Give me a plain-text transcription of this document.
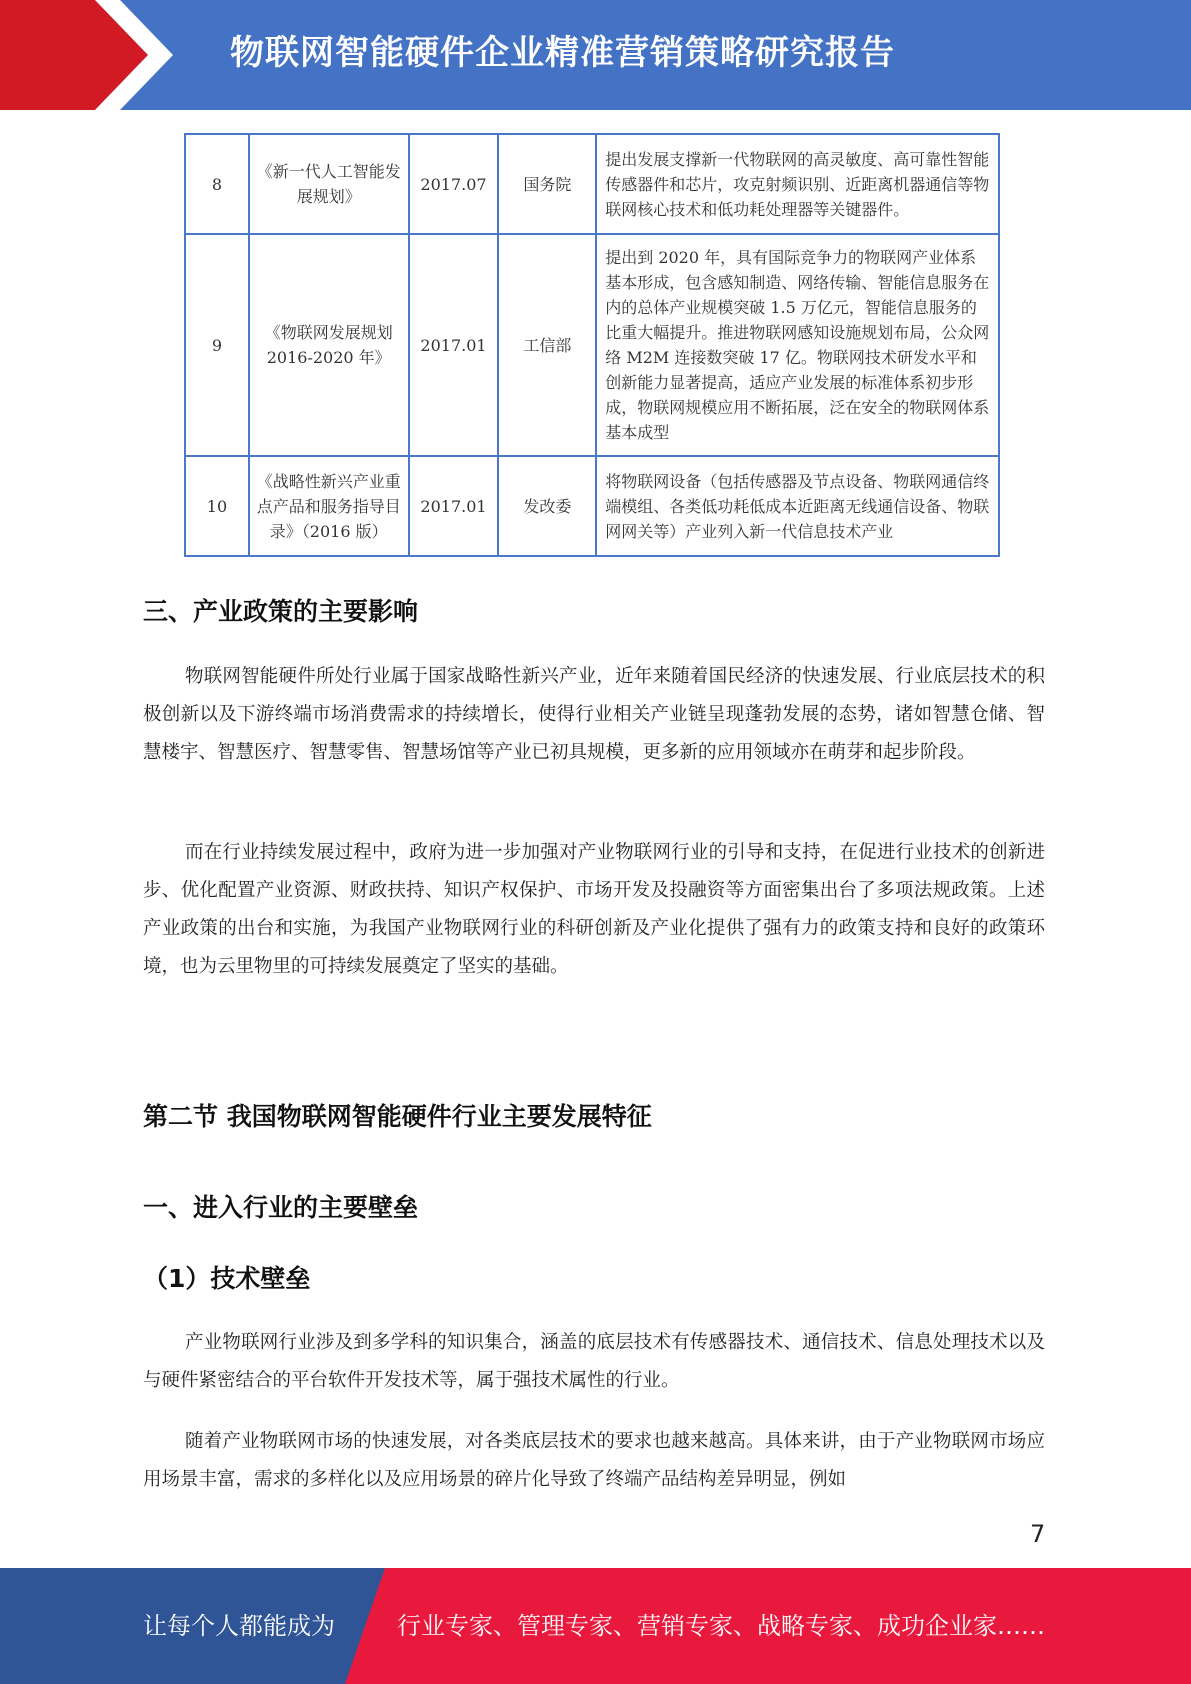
物联网智能硬件企业精准营销策略研究报告
8	《新一代人工智能发展规划》	2017.07	国务院	提出发展支撑新一代物联网的高灵敏度、高可靠性智能传感器件和芯片，攻克射频识别、近距离机器通信等物联网核心技术和低功耗处理器等关键器件。
9	《物联网发展规划 2016-2020 年》	2017.01	工信部	提出到 2020 年，具有国际竞争力的物联网产业体系基本形成，包含感知制造、网络传输、智能信息服务在内的总体产业规模突破 1.5 万亿元，智能信息服务的比重大幅提升。推进物联网感知设施规划布局，公众网络 M2M 连接数突破 17 亿。物联网技术研发水平和创新能力显著提高，适应产业发展的标准体系初步形成，物联网规模应用不断拓展，泛在安全的物联网体系基本成型
10	《战略性新兴产业重点产品和服务指导目录》（2016 版）	2017.01	发改委	将物联网设备（包括传感器及节点设备、物联网通信终端模组、各类低功耗低成本近距离无线通信设备、物联网网关等）产业列入新一代信息技术产业
三、产业政策的主要影响

物联网智能硬件所处行业属于国家战略性新兴产业，近年来随着国民经济的快速发展、行业底层技术的积极创新以及下游终端市场消费需求的持续增长，使得行业相关产业链呈现蓬勃发展的态势，诸如智慧仓储、智慧楼宇、智慧医疗、智慧零售、智慧场馆等产业已初具规模，更多新的应用领域亦在萌芽和起步阶段。

而在行业持续发展过程中，政府为进一步加强对产业物联网行业的引导和支持，在促进行业技术的创新进步、优化配置产业资源、财政扶持、知识产权保护、市场开发及投融资等方面密集出台了多项法规政策。上述产业政策的出台和实施，为我国产业物联网行业的科研创新及产业化提供了强有力的政策支持和良好的政策环境，也为云里物里的可持续发展奠定了坚实的基础。

第二节 我国物联网智能硬件行业主要发展特征
一、进入行业的主要壁垒
（1）技术壁垒

产业物联网行业涉及到多学科的知识集合，涵盖的底层技术有传感器技术、通信技术、信息处理技术以及与硬件紧密结合的平台软件开发技术等，属于强技术属性的行业。

随着产业物联网市场的快速发展，对各类底层技术的要求也越来越高。具体来讲，由于产业物联网市场应用场景丰富，需求的多样化以及应用场景的碎片化导致了终端产品结构差异明显，例如

7
让每个人都能成为	行业专家、管理专家、营销专家、战略专家、成功企业家……
